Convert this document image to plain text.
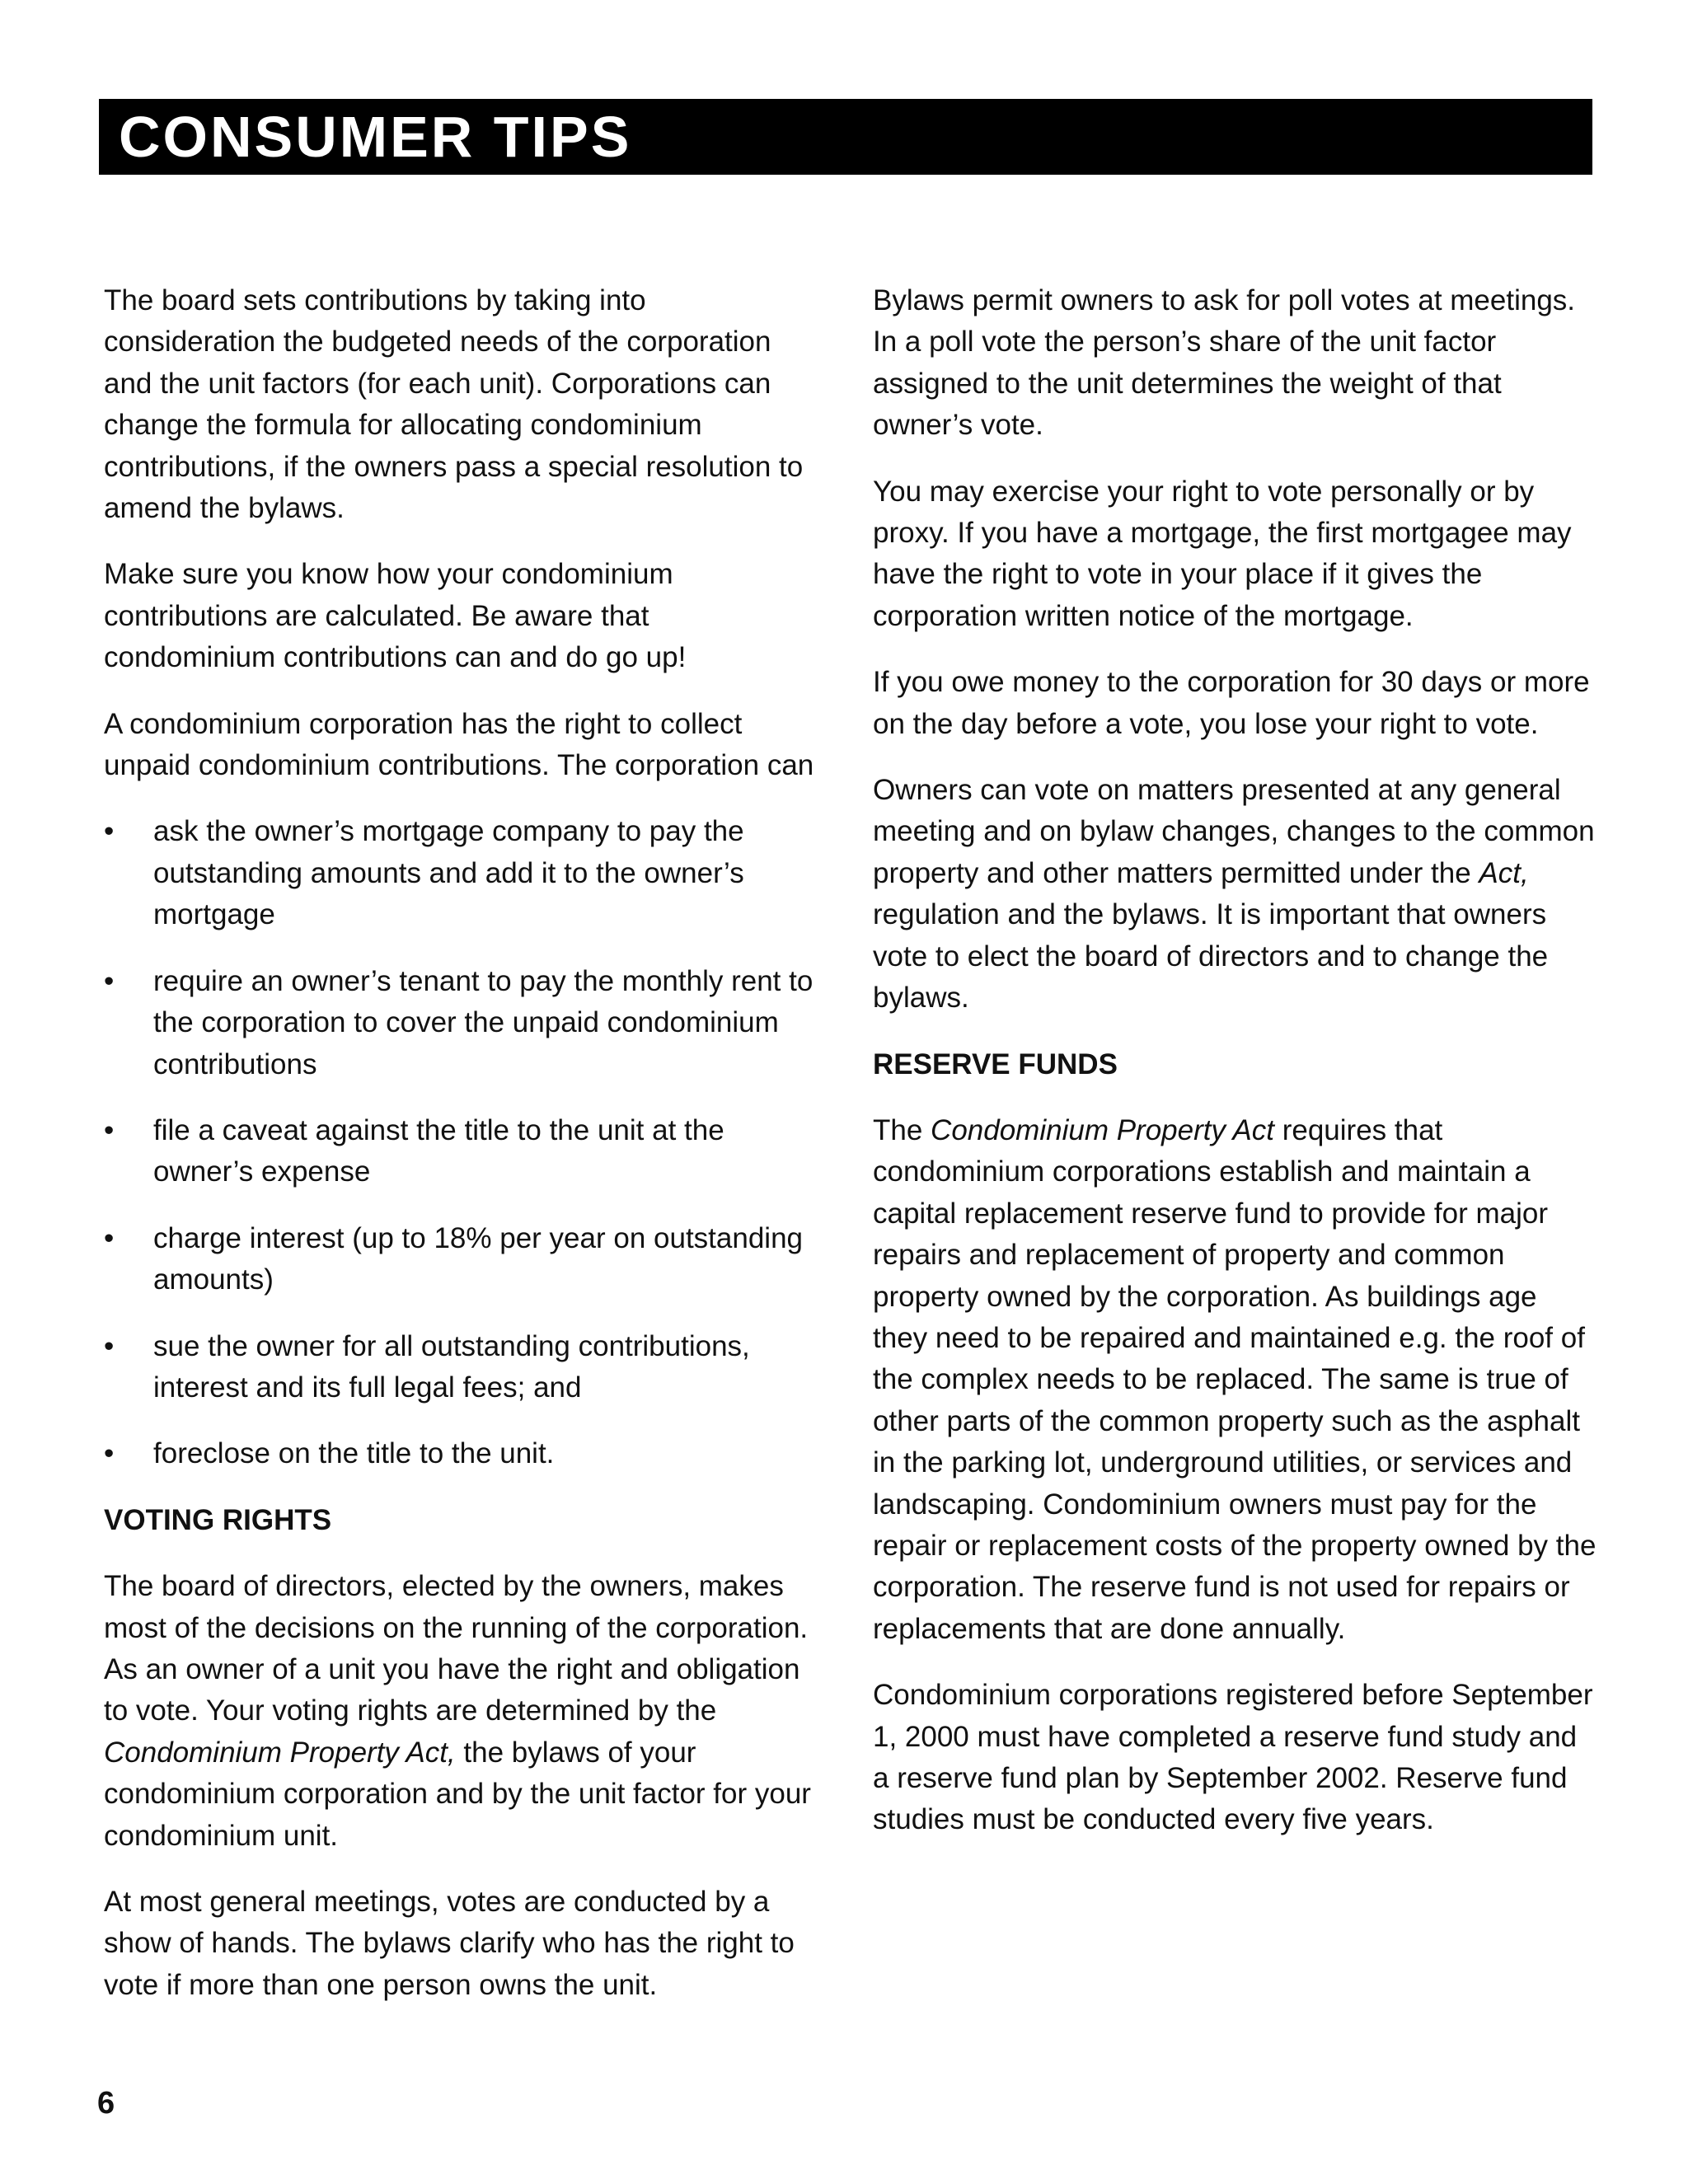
CONSUMER TIPS

The board sets contributions by taking into consideration the budgeted needs of the corporation and the unit factors (for each unit). Corporations can change the formula for allocating condominium contributions, if the owners pass a special resolution to amend the bylaws.

Make sure you know how your condominium contributions are calculated. Be aware that condominium contributions can and do go up!

A condominium corporation has the right to collect unpaid condominium contributions. The corporation can

• ask the owner’s mortgage company to pay the outstanding amounts and add it to the owner’s mortgage
• require an owner’s tenant to pay the monthly rent to the corporation to cover the unpaid condominium contributions
• file a caveat against the title to the unit at the owner’s expense
• charge interest (up to 18% per year on outstanding amounts)
• sue the owner for all outstanding contributions, interest and its full legal fees; and
• foreclose on the title to the unit.
VOTING RIGHTS

The board of directors, elected by the owners, makes most of the decisions on the running of the corporation. As an owner of a unit you have the right and obligation to vote. Your voting rights are determined by the Condominium Property Act, the bylaws of your condominium corporation and by the unit factor for your condominium unit.

At most general meetings, votes are conducted by a show of hands. The bylaws clarify who has the right to vote if more than one person owns the unit.

Bylaws permit owners to ask for poll votes at meetings. In a poll vote the person’s share of the unit factor assigned to the unit determines the weight of that owner’s vote.

You may exercise your right to vote personally or by proxy. If you have a mortgage, the first mortgagee may have the right to vote in your place if it gives the corporation written notice of the mortgage.

If you owe money to the corporation for 30 days or more on the day before a vote, you lose your right to vote.

Owners can vote on matters presented at any general meeting and on bylaw changes, changes to the common property and other matters permitted under the Act, regulation and the bylaws. It is important that owners vote to elect the board of directors and to change the bylaws.

RESERVE FUNDS

The Condominium Property Act requires that condominium corporations establish and maintain a capital replacement reserve fund to provide for major repairs and replacement of property and common property owned by the corporation. As buildings age they need to be repaired and maintained e.g. the roof of the complex needs to be replaced. The same is true of other parts of the common property such as the asphalt in the parking lot, underground utilities, or services and landscaping. Condominium owners must pay for the repair or replacement costs of the property owned by the corporation. The reserve fund is not used for repairs or replacements that are done annually.

Condominium corporations registered before September 1, 2000 must have completed a reserve fund study and a reserve fund plan by September 2002. Reserve fund studies must be conducted every five years.

6
